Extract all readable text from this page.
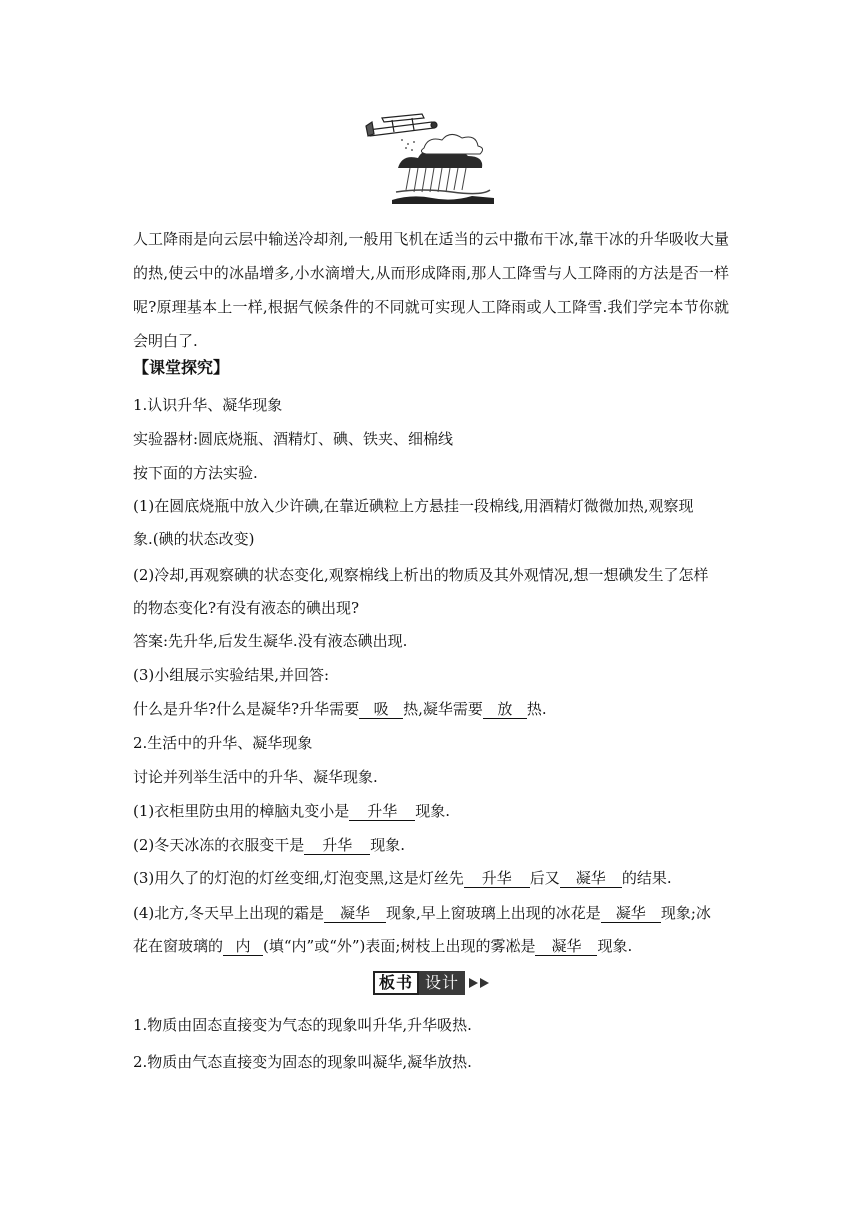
人工降雨是向云层中输送冷却剂,一般用飞机在适当的云中撒布干冰,靠干冰的升华吸收大量的热,使云中的冰晶增多,小水滴增大,从而形成降雨,那人工降雪与人工降雨的方法是否一样呢?原理基本上一样,根据气候条件的不同就可实现人工降雨或人工降雪.我们学完本节你就会明白了.
【课堂探究】
1.认识升华、凝华现象
实验器材:圆底烧瓶、酒精灯、碘、铁夹、细棉线
按下面的方法实验.
(1)在圆底烧瓶中放入少许碘,在靠近碘粒上方悬挂一段棉线,用酒精灯微微加热,观察现
象.(碘的状态改变)
(2)冷却,再观察碘的状态变化,观察棉线上析出的物质及其外观情况,想一想碘发生了怎样
的物态变化?有没有液态的碘出现?
答案:先升华,后发生凝华.没有液态碘出现.
(3)小组展示实验结果,并回答:
什么是升华?什么是凝华?升华需要 吸 热,凝华需要 放 热.
2.生活中的升华、凝华现象
讨论并列举生活中的升华、凝华现象.
(1)衣柜里防虫用的樟脑丸变小是 升华 现象.
(2)冬天冰冻的衣服变干是 升华 现象.
(3)用久了的灯泡的灯丝变细,灯泡变黑,这是灯丝先 升华 后又 凝华 的结果.
(4)北方,冬天早上出现的霜是 凝华 现象,早上窗玻璃上出现的冰花是 凝华 现象;冰
花在窗玻璃的 内 (填“内”或“外”)表面;树枝上出现的雾凇是 凝华 现象.
板书 设计
1.物质由固态直接变为气态的现象叫升华,升华吸热.
2.物质由气态直接变为固态的现象叫凝华,凝华放热.
